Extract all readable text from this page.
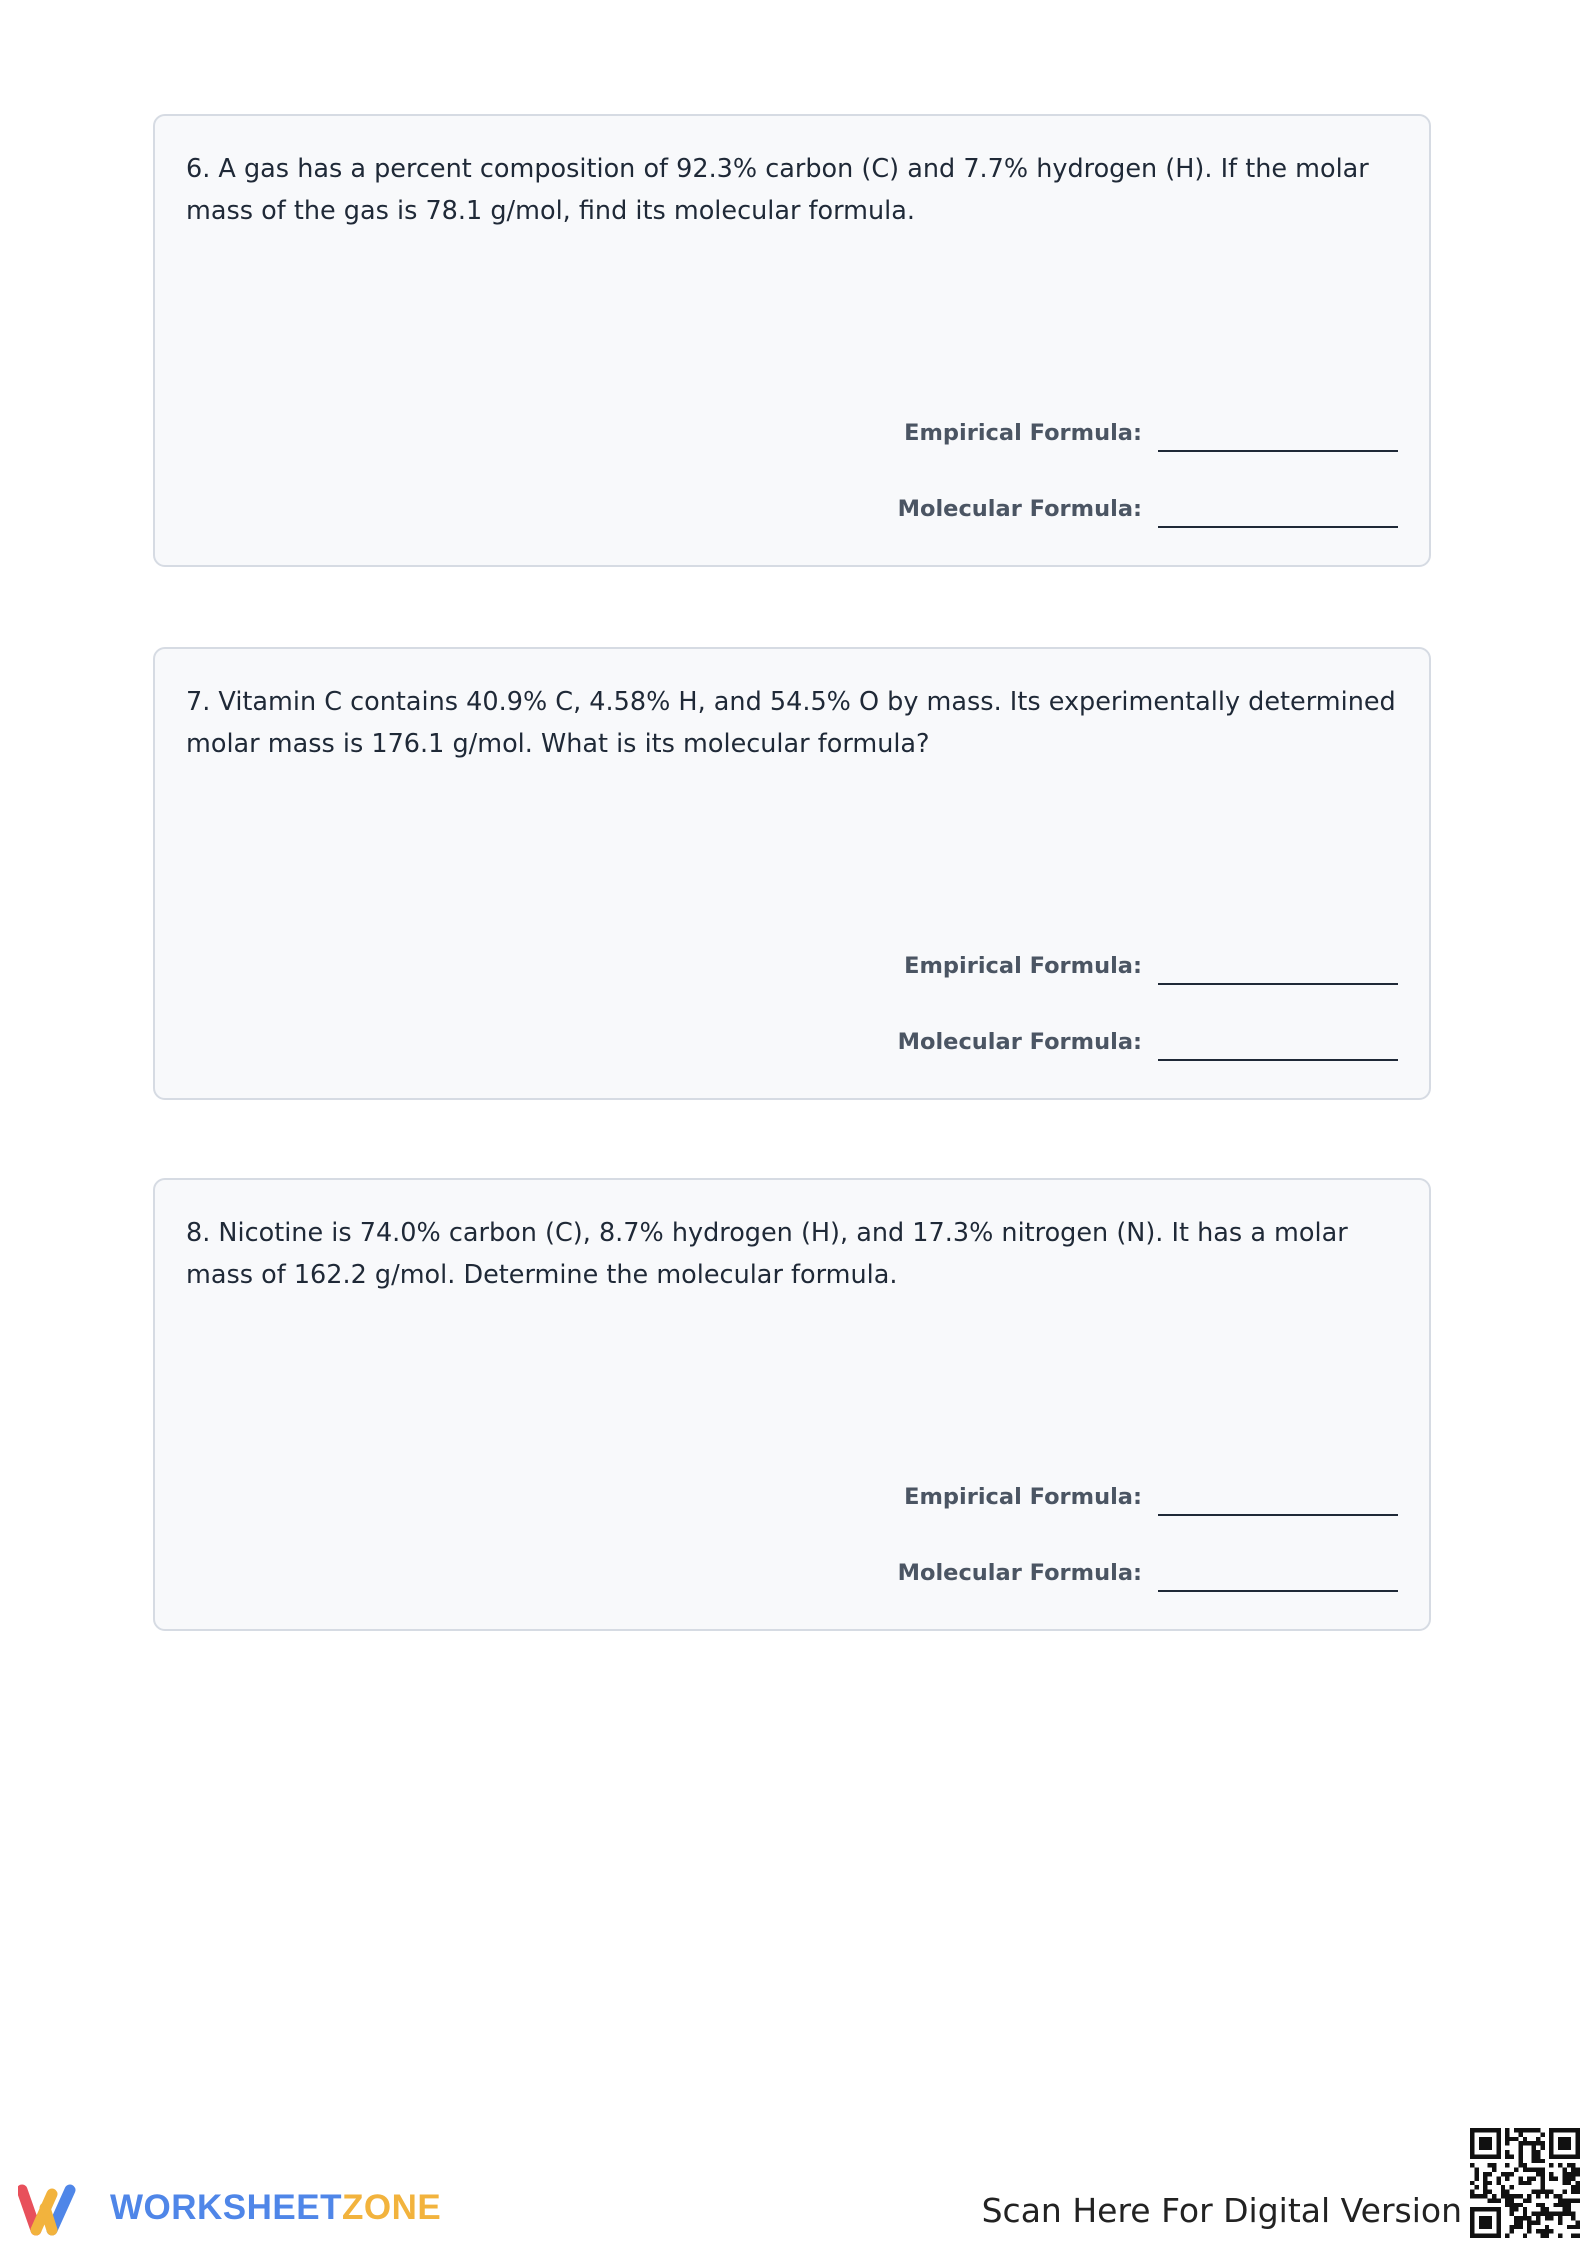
6. A gas has a percent composition of 92.3% carbon (C) and 7.7% hydrogen (H). If the molar mass of the gas is 78.1 g/mol, find its molecular formula.

Empirical Formula:
Molecular Formula:

7. Vitamin C contains 40.9% C, 4.58% H, and 54.5% O by mass. Its experimentally determined molar mass is 176.1 g/mol. What is its molecular formula?

Empirical Formula:
Molecular Formula:

8. Nicotine is 74.0% carbon (C), 8.7% hydrogen (H), and 17.3% nitrogen (N). It has a molar mass of 162.2 g/mol. Determine the molecular formula.

Empirical Formula:
Molecular Formula:
WORKSHEETZONE	Scan Here For Digital Version
